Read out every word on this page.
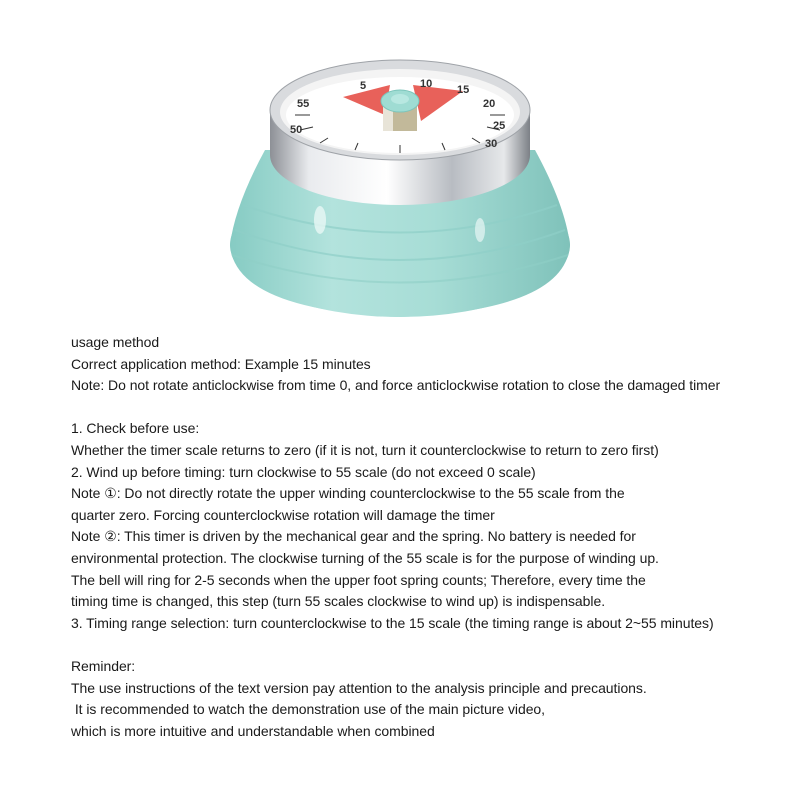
55
50
5	10 15
20
25
30
usage method
Correct application method: Example 15 minutes
Note: Do not rotate anticlockwise from time 0, and force anticlockwise rotation to close the damaged timer
1. Check before use:
Whether the timer scale returns to zero (if it is not, turn it counterclockwise to return to zero first)
2. Wind up before timing: turn clockwise to 55 scale (do not exceed 0 scale)
Note ①: Do not directly rotate the upper winding counterclockwise to the 55 scale from the
quarter zero. Forcing counterclockwise rotation will damage the timer
Note ②: This timer is driven by the mechanical gear and the spring. No battery is needed for
environmental protection. The clockwise turning of the 55 scale is for the purpose of winding up.
The bell will ring for 2-5 seconds when the upper foot spring counts; Therefore, every time the
timing time is changed, this step (turn 55 scales clockwise to wind up) is indispensable.
3. Timing range selection: turn counterclockwise to the 15 scale (the timing range is about 2~55 minutes)
Reminder:
The use instructions of the text version pay attention to the analysis principle and precautions.
It is recommended to watch the demonstration use of the main picture video,
which is more intuitive and understandable when combined
